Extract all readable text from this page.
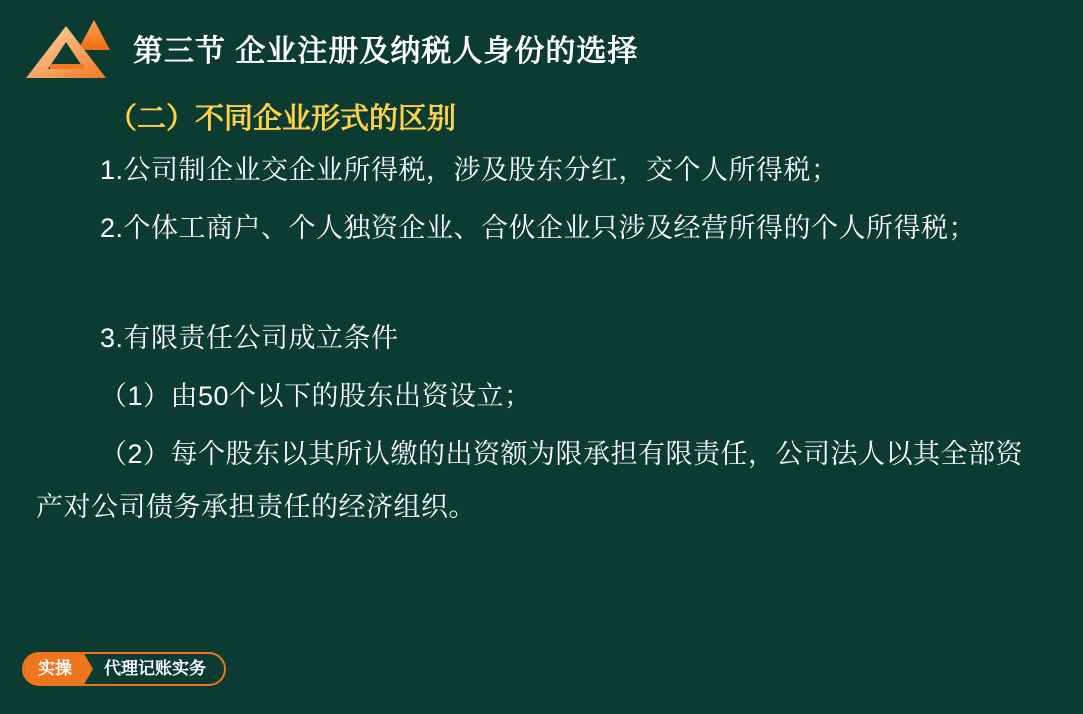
第三节 企业注册及纳税人身份的选择
（二）不同企业形式的区别
1.公司制企业交企业所得税，涉及股东分红，交个人所得税；
2.个体工商户、个人独资企业、合伙企业只涉及经营所得的个人所得税；
3.有限责任公司成立条件
（1）由50个以下的股东出资设立；
（2）每个股东以其所认缴的出资额为限承担有限责任，公司法人以其全部资产对公司债务承担责任的经济组织。
实操	代理记账实务
